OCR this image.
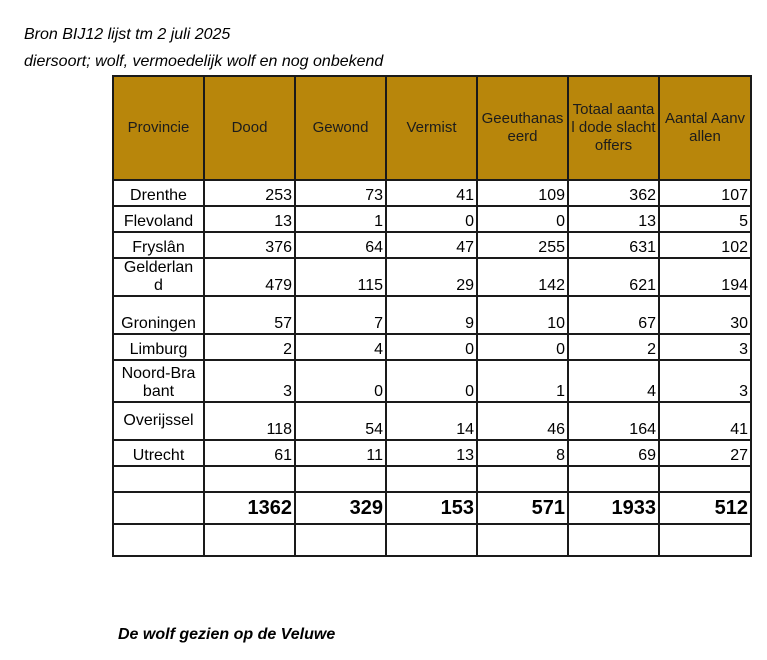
Bron BIJ12 lijst tm 2 juli 2025
diersoort; wolf, vermoedelijk wolf en nog onbekend
Provincie	Dood	Gewond	Vermist	Geeuthanaseerd	Totaal aantal dode slachtoffers	Aantal Aanvallen
Drenthe	253	73	41	109	362	107
Flevoland	13	1	0	0	13	5
Fryslân	376	64	47	255	631	102
Gelderland	479	115	29	142	621	194
Groningen	57	7	9	10	67	30
Limburg	2	4	0	0	2	3
Noord-Brabant	3	0	0	1	4	3
Overijssel	118	54	14	46	164	41
Utrecht	61	11	13	8	69	27

	1362	329	153	571	1933	512

De wolf gezien op de Veluwe
